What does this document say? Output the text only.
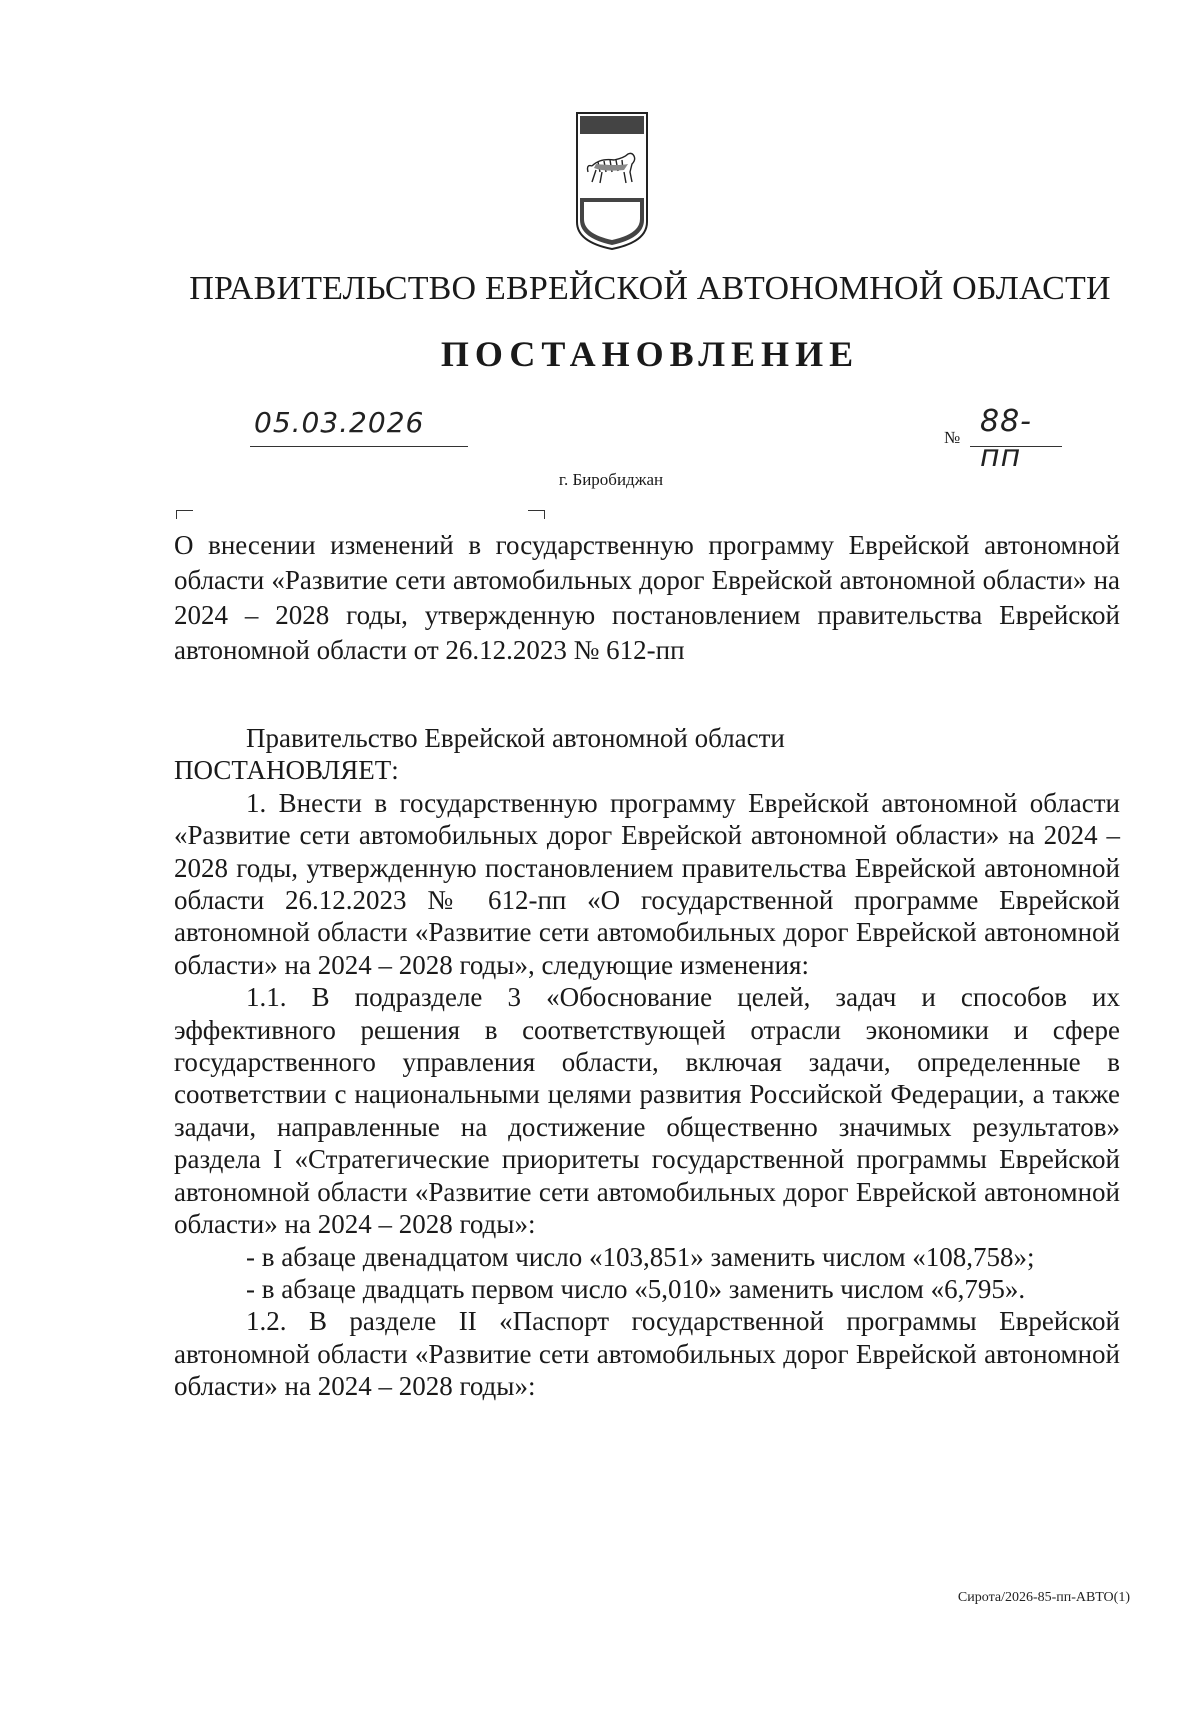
ПРАВИТЕЛЬСТВО ЕВРЕЙСКОЙ АВТОНОМНОЙ ОБЛАСТИ
ПОСТАНОВЛЕНИЕ
05.03.2026	№ 88-пп
г. Биробиджан

О внесении изменений в государственную программу Еврейской автономной области «Развитие сети автомобильных дорог Еврейской автономной области» на 2024 – 2028 годы, утвержденную постановлением правительства Еврейской автономной области от 26.12.2023 № 612-пп

Правительство Еврейской автономной области

ПОСТАНОВЛЯЕТ:

1. Внести в государственную программу Еврейской автономной области «Развитие сети автомобильных дорог Еврейской автономной области» на 2024 – 2028 годы, утвержденную постановлением правительства Еврейской автономной области 26.12.2023 № 612-пп «О государственной программе Еврейской автономной области «Развитие сети автомобильных дорог Еврейской автономной области» на 2024 – 2028 годы», следующие изменения:

1.1. В подразделе 3 «Обоснование целей, задач и способов их эффективного решения в соответствующей отрасли экономики и сфере государственного управления области, включая задачи, определенные в соответствии с национальными целями развития Российской Федерации, а также задачи, направленные на достижение общественно значимых результатов» раздела I «Стратегические приоритеты государственной программы Еврейской автономной области «Развитие сети автомобильных дорог Еврейской автономной области» на 2024 – 2028 годы»:

- в абзаце двенадцатом число «103,851» заменить числом «108,758»;

- в абзаце двадцать первом число «5,010» заменить числом «6,795».

1.2. В разделе II «Паспорт государственной программы Еврейской автономной области «Развитие сети автомобильных дорог Еврейской автономной области» на 2024 – 2028 годы»:

Сирота/2026-85-пп-АВТО(1)
